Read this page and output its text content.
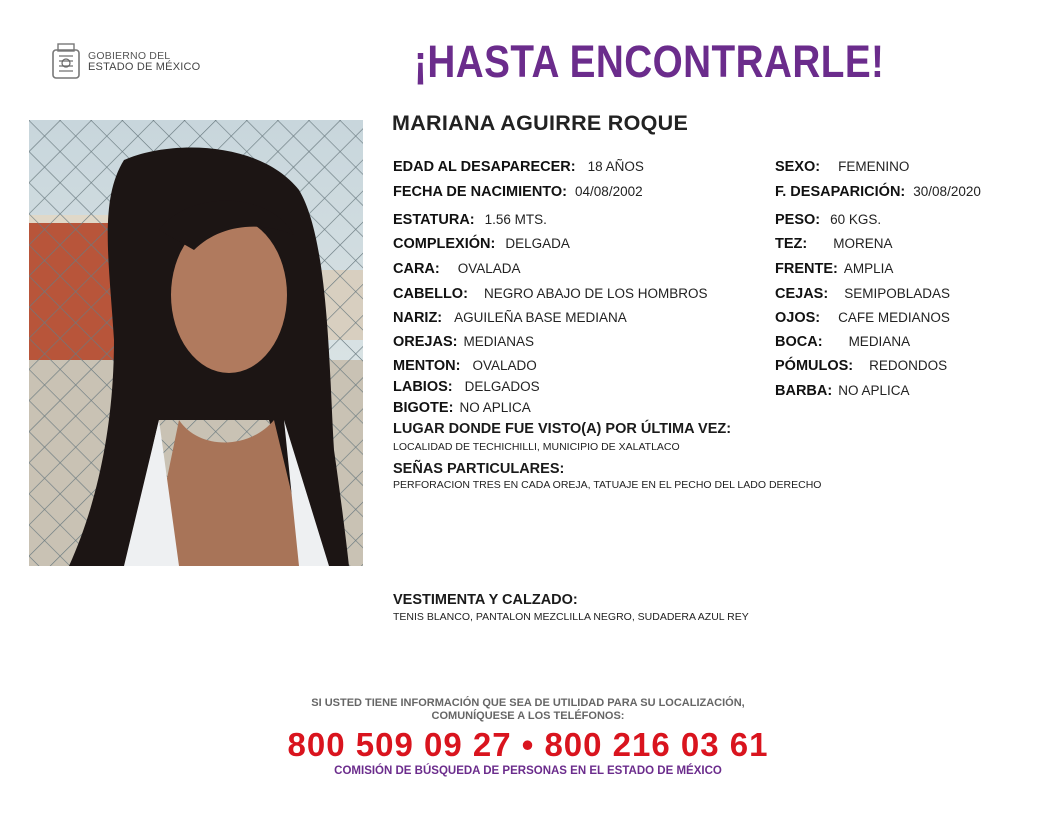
GOBIERNO DEL
ESTADO DE MÉXICO	¡HASTA ENCONTRARLE!
MARIANA AGUIRRE ROQUE
EDAD AL DESAPARECER: 18 AÑOS
FECHA DE NACIMIENTO: 04/08/2002
ESTATURA: 1.56 MTS.
COMPLEXIÓN: DELGADA
CARA: OVALADA
CABELLO: NEGRO ABAJO DE LOS HOMBROS
NARIZ: AGUILEÑA BASE MEDIANA
OREJAS: MEDIANAS
MENTON: OVALADO
LABIOS: DELGADOS
BIGOTE: NO APLICA
SEXO: FEMENINO
F. DESAPARICIÓN: 30/08/2020
PESO: 60 KGS.
TEZ: MORENA
FRENTE: AMPLIA
CEJAS: SEMIPOBLADAS
OJOS: CAFE MEDIANOS
BOCA: MEDIANA
PÓMULOS: REDONDOS
BARBA: NO APLICA
LUGAR DONDE FUE VISTO(A) POR ÚLTIMA VEZ:
LOCALIDAD DE TECHICHILLI, MUNICIPIO DE XALATLACO
SEÑAS PARTICULARES:
PERFORACION TRES EN CADA OREJA, TATUAJE EN EL PECHO DEL LADO DERECHO
VESTIMENTA Y CALZADO:
TENIS BLANCO, PANTALON MEZCLILLA NEGRO, SUDADERA AZUL REY
SI USTED TIENE INFORMACIÓN QUE SEA DE UTILIDAD PARA SU LOCALIZACIÓN,
COMUNÍQUESE A LOS TELÉFONOS:
800 509 09 27 • 800 216 03 61
COMISIÓN DE BÚSQUEDA DE PERSONAS EN EL ESTADO DE MÉXICO
